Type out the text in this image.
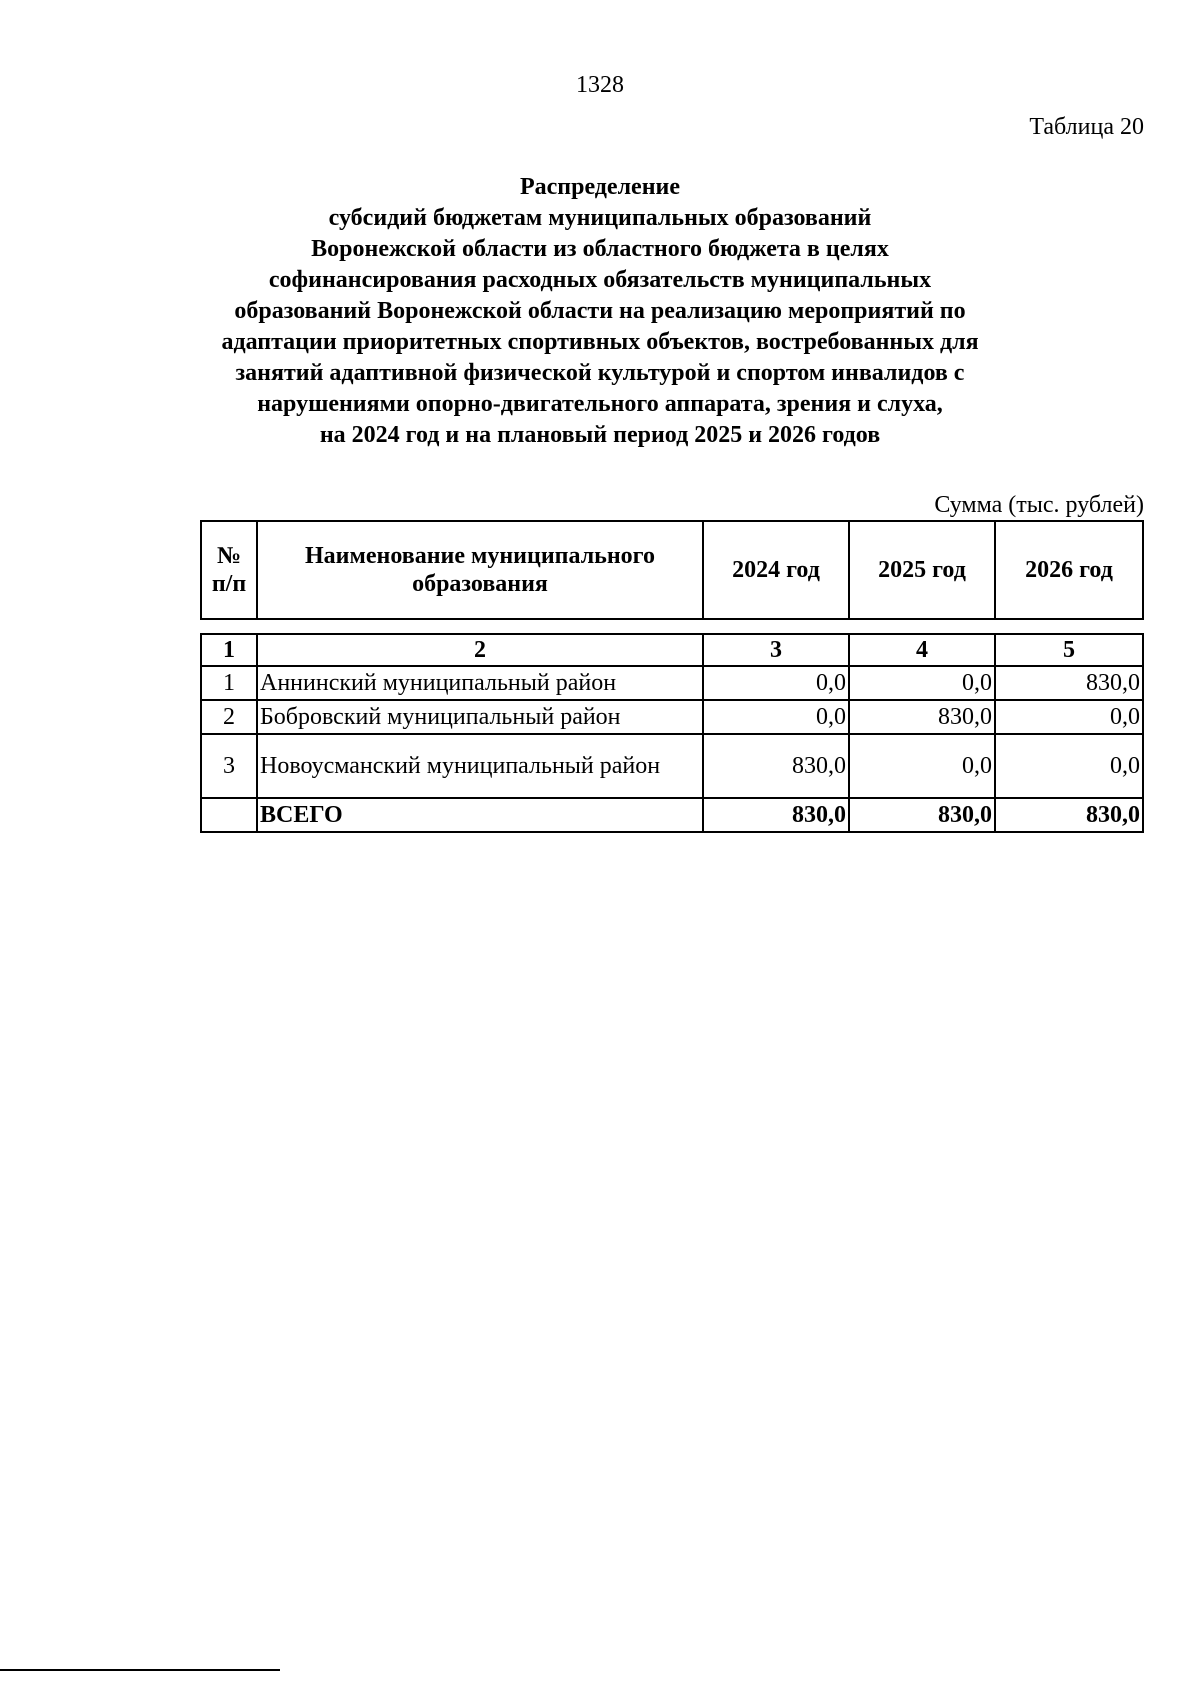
1328
Таблица 20
Распределение
субсидий бюджетам муниципальных образований
Воронежской области из областного бюджета в целях
софинансирования расходных обязательств муниципальных
образований Воронежской области на реализацию мероприятий по
адаптации приоритетных спортивных объектов, востребованных для
занятий адаптивной физической культурой и спортом инвалидов с
нарушениями опорно-двигательного аппарата, зрения и слуха,
на 2024 год и на плановый период 2025 и 2026 годов
Сумма (тыс. рублей)
№ п/п	Наименование муниципального образования	2024 год	2025 год	2026 год
1	2	3	4	5
1	Аннинский муниципальный район	0,0	0,0	830,0
2	Бобровский муниципальный район	0,0	830,0	0,0
3	Новоусманский муниципальный район	830,0	0,0	0,0
	ВСЕГО	830,0	830,0	830,0
